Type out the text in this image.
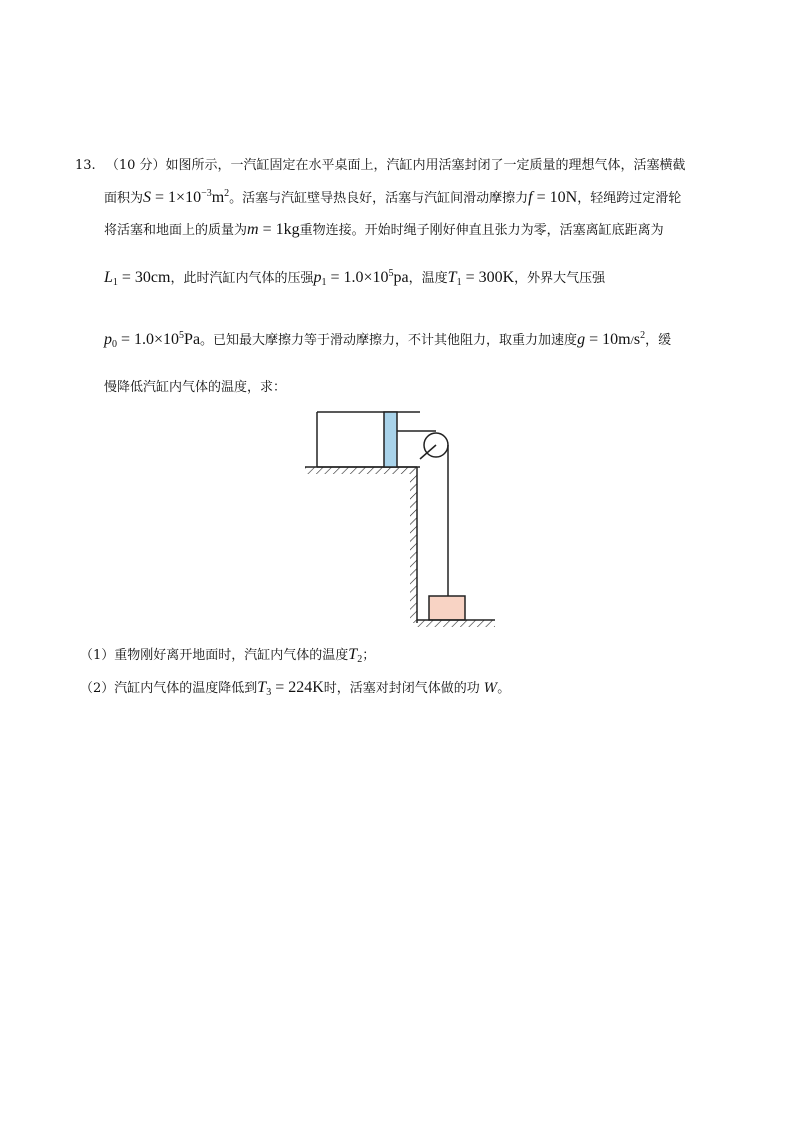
13. （10 分）如图所示，一汽缸固定在水平桌面上，汽缸内用活塞封闭了一定质量的理想气体，活塞横截
面积为$S = 1\times 10^{-3}m^2$。活塞与汽缸壁导热良好，活塞与汽缸间滑动摩擦力f = 10N，轻绳跨过定滑轮
将活塞和地面上的质量为m = 1kg重物连接。开始时绳子刚好伸直且张力为零，活塞离缸底距离为
$L_1 = 30cm$，此时汽缸内气体的压强$p_1 = 1.0\times 10^5pa$，温度$T_1 = 300K$，外界大气压强
$p_0 = 1.0\times 10^5Pa$。已知最大摩擦力等于滑动摩擦力，不计其他阻力，取重力加速度$g = 10m/s^2$，缓
慢降低汽缸内气体的温度，求：
（1）重物刚好离开地面时，汽缸内气体的温度$T_2$；
（2）汽缸内气体的温度降低到$T_3 = 224K$时，活塞对封闭气体做的功 W。
